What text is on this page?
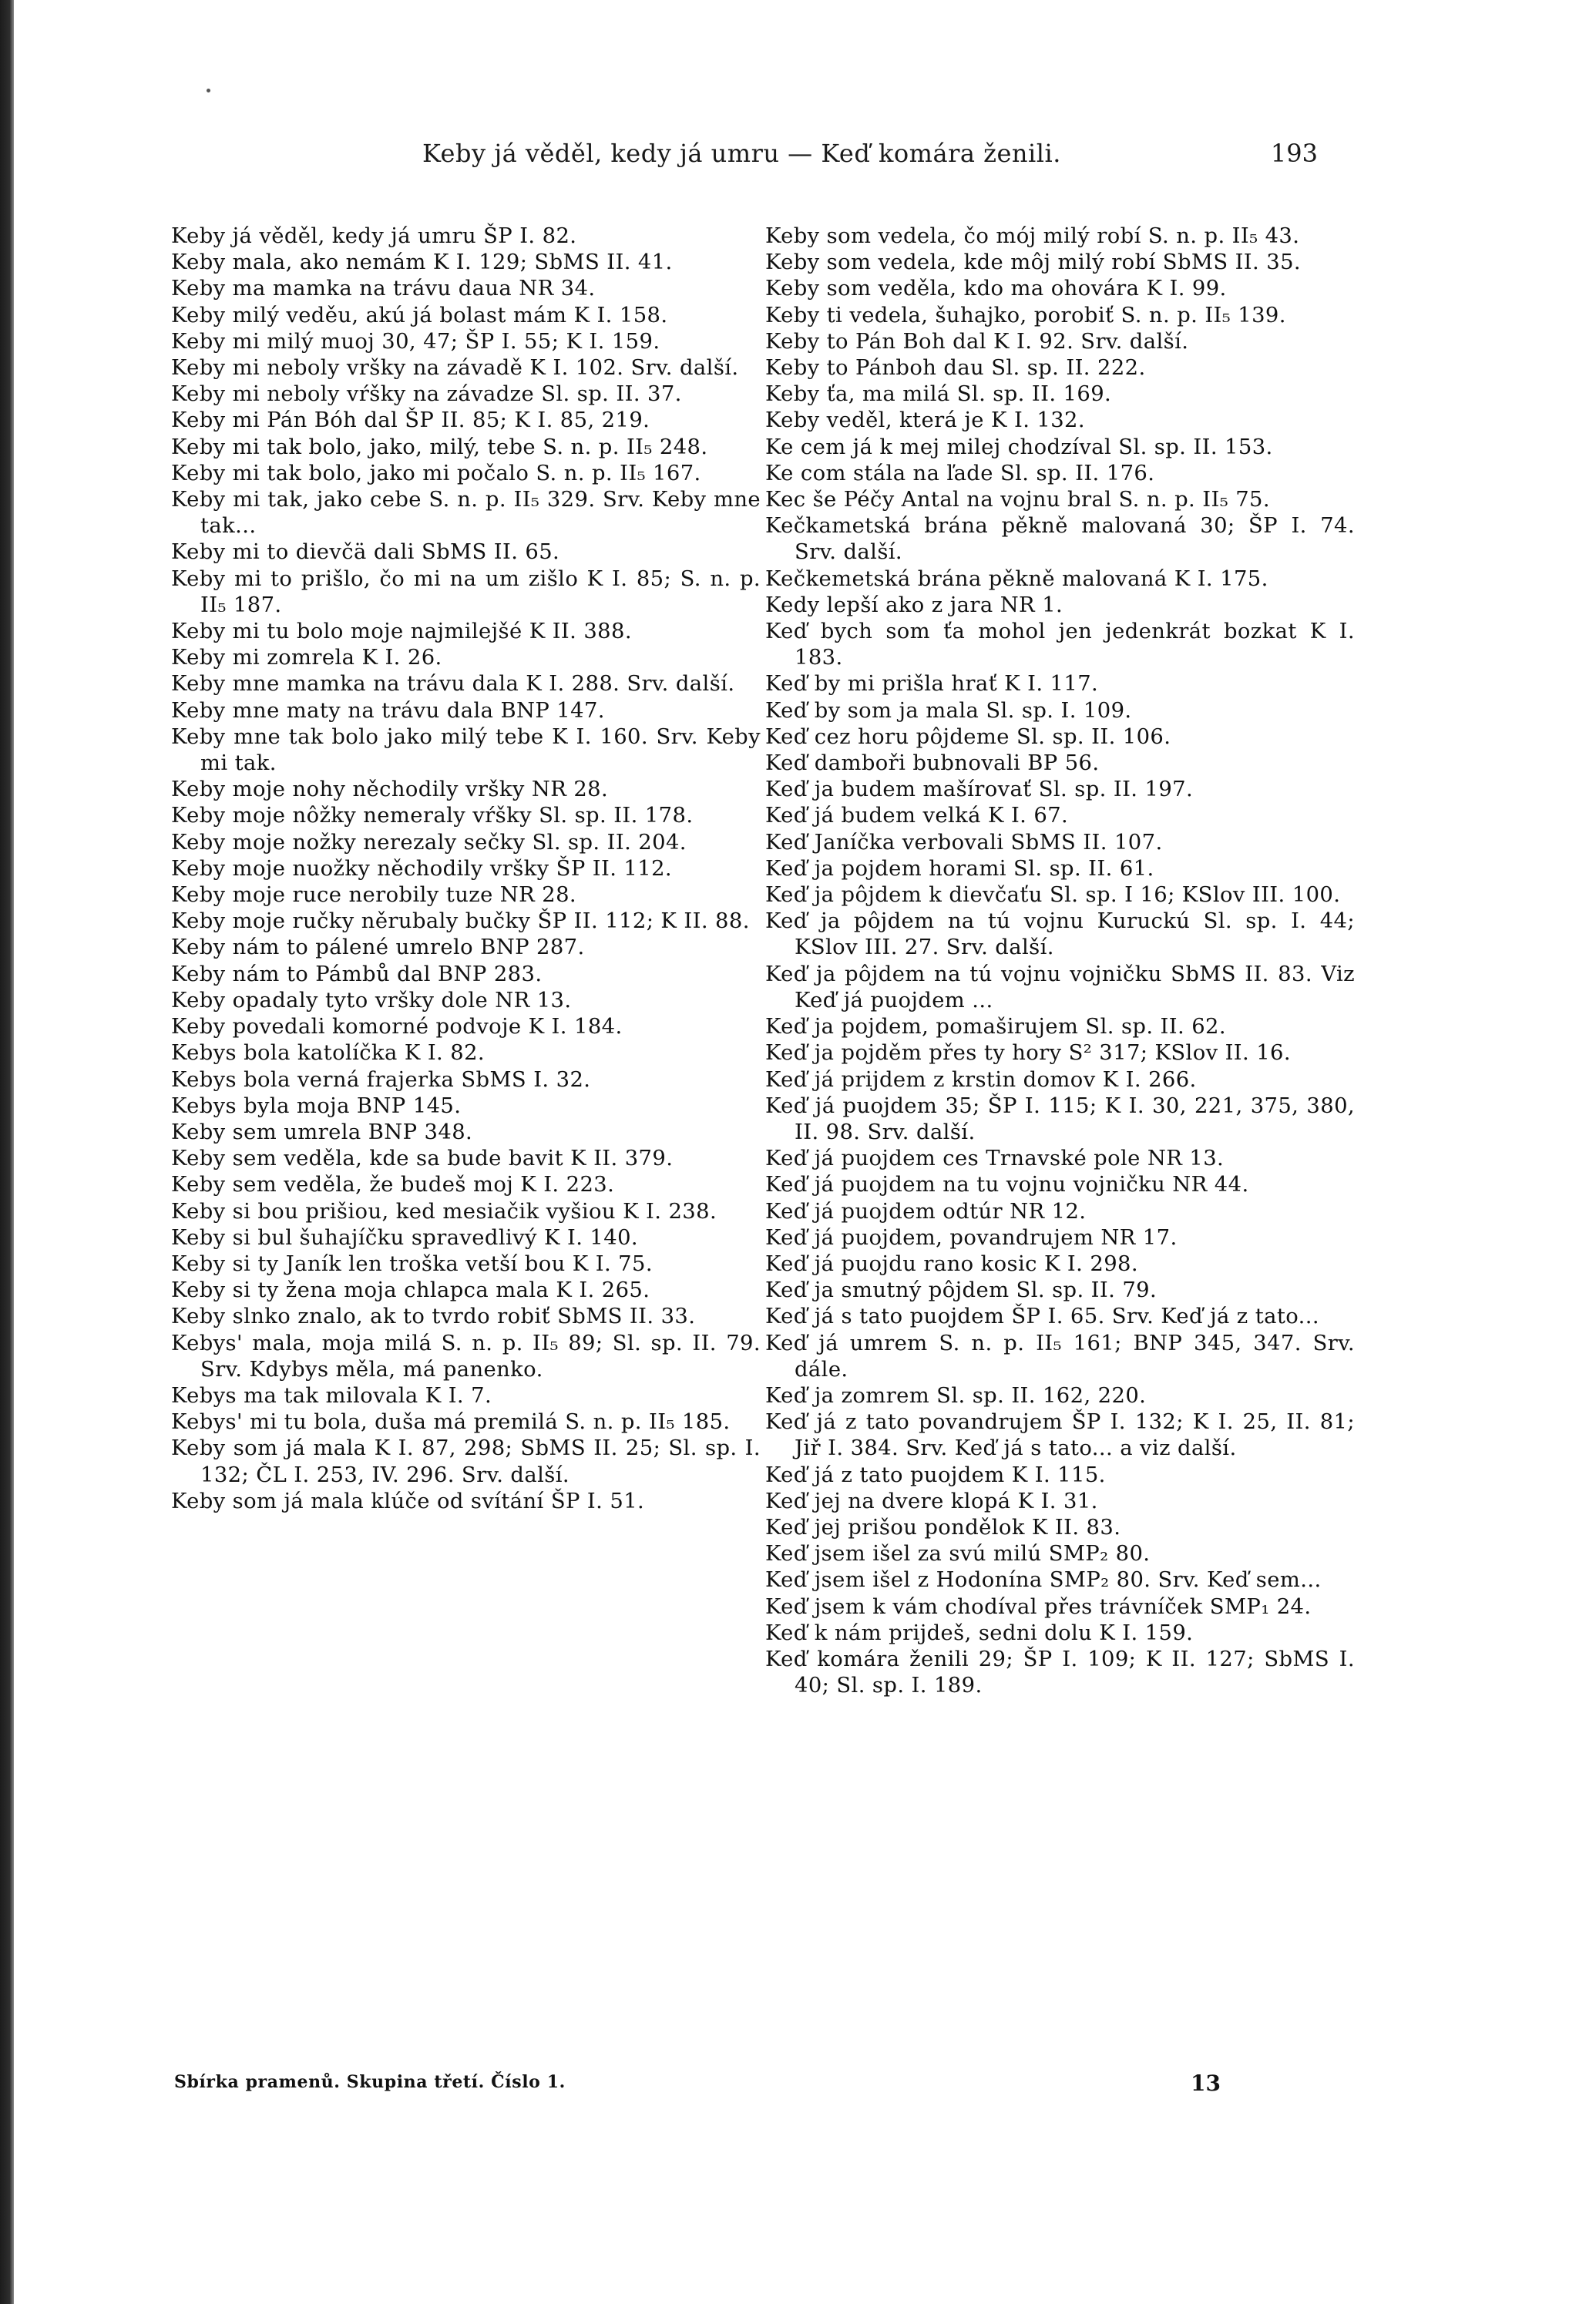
Keby já věděl, kedy já umru — Keď komára ženili.	193

Keby já věděl, kedy já umru ŠP I. 82.

Keby mala, ako nemám K I. 129; SbMS II. 41.

Keby ma mamka na trávu daua NR 34.

Keby milý veděu, akú já bolast mám K I. 158.

Keby mi milý muoj 30, 47; ŠP I. 55; K I. 159.

Keby mi neboly vršky na závadě K I. 102. Srv. další.

Keby mi neboly vŕšky na závadze Sl. sp. II. 37.

Keby mi Pán Bóh dal ŠP II. 85; K I. 85, 219.

Keby mi tak bolo, jako, milý, tebe S. n. p. II₅ 248.

Keby mi tak bolo, jako mi počalo S. n. p. II₅ 167.

Keby mi tak, jako cebe S. n. p. II₅ 329. Srv. Keby mne tak...

Keby mi to dievčä dali SbMS II. 65.

Keby mi to prišlo, čo mi na um zišlo K I. 85; S. n. p. II₅ 187.

Keby mi tu bolo moje najmilejšé K II. 388.

Keby mi zomrela K I. 26.

Keby mne mamka na trávu dala K I. 288. Srv. další.

Keby mne maty na trávu dala BNP 147.

Keby mne tak bolo jako milý tebe K I. 160. Srv. Keby mi tak.

Keby moje nohy něchodily vršky NR 28.

Keby moje nôžky nemeraly vŕšky Sl. sp. II. 178.

Keby moje nožky nerezaly sečky Sl. sp. II. 204.

Keby moje nuožky něchodily vršky ŠP II. 112.

Keby moje ruce nerobily tuze NR 28.

Keby moje ručky něrubaly bučky ŠP II. 112; K II. 88.

Keby nám to pálené umrelo BNP 287.

Keby nám to Pámbů dal BNP 283.

Keby opadaly tyto vršky dole NR 13.

Keby povedali komorné podvoje K I. 184.

Kebys bola katolíčka K I. 82.

Kebys bola verná frajerka SbMS I. 32.

Kebys byla moja BNP 145.

Keby sem umrela BNP 348.

Keby sem veděla, kde sa bude bavit K II. 379.

Keby sem veděla, že budeš moj K I. 223.

Keby si bou prišiou, ked mesiačik vyšiou K I. 238.

Keby si bul šuhajíčku spravedlivý K I. 140.

Keby si ty Janík len troška vetší bou K I. 75.

Keby si ty žena moja chlapca mala K I. 265.

Keby slnko znalo, ak to tvrdo robiť SbMS II. 33.

Kebys' mala, moja milá S. n. p. II₅ 89; Sl. sp. II. 79. Srv. Kdybys měla, má panenko.

Kebys ma tak milovala K I. 7.

Kebys' mi tu bola, duša má premilá S. n. p. II₅ 185.

Keby som já mala K I. 87, 298; SbMS II. 25; Sl. sp. I. 132; ČL I. 253, IV. 296. Srv. další.

Keby som já mala klúče od svítání ŠP I. 51.

Keby som vedela, čo mój milý robí S. n. p. II₅ 43.

Keby som vedela, kde môj milý robí SbMS II. 35.

Keby som veděla, kdo ma ohovára K I. 99.

Keby ti vedela, šuhajko, porobiť S. n. p. II₅ 139.

Keby to Pán Boh dal K I. 92. Srv. další.

Keby to Pánboh dau Sl. sp. II. 222.

Keby ťa, ma milá Sl. sp. II. 169.

Keby veděl, která je K I. 132.

Ke cem já k mej milej chodzíval Sl. sp. II. 153.

Ke com stála na ľade Sl. sp. II. 176.

Kec še Péčy Antal na vojnu bral S. n. p. II₅ 75.

Kečkametská brána pěkně malovaná 30; ŠP I. 74. Srv. další.

Kečkemetská brána pěkně malovaná K I. 175.

Kedy lepší ako z jara NR 1.

Keď bych som ťa mohol jen jedenkrát bozkat K I. 183.

Keď by mi prišla hrať K I. 117.

Keď by som ja mala Sl. sp. I. 109.

Keď cez horu pôjdeme Sl. sp. II. 106.

Keď damboři bubnovali BP 56.

Keď ja budem mašírovať Sl. sp. II. 197.

Keď já budem velká K I. 67.

Keď Janíčka verbovali SbMS II. 107.

Keď ja pojdem horami Sl. sp. II. 61.

Keď ja pôjdem k dievčaťu Sl. sp. I 16; KSlov III. 100.

Keď ja pôjdem na tú vojnu Kuruckú Sl. sp. I. 44; KSlov III. 27. Srv. další.

Keď ja pôjdem na tú vojnu vojničku SbMS II. 83. Viz Keď já puojdem ...

Keď ja pojdem, pomaširujem Sl. sp. II. 62.

Keď ja pojděm přes ty hory S² 317; KSlov II. 16.

Keď já prijdem z krstin domov K I. 266.

Keď já puojdem 35; ŠP I. 115; K I. 30, 221, 375, 380, II. 98. Srv. další.

Keď já puojdem ces Trnavské pole NR 13.

Keď já puojdem na tu vojnu vojničku NR 44.

Keď já puojdem odtúr NR 12.

Keď já puojdem, povandrujem NR 17.

Keď já puojdu rano kosic K I. 298.

Keď ja smutný pôjdem Sl. sp. II. 79.

Keď já s tato puojdem ŠP I. 65. Srv. Keď já z tato...

Keď já umrem S. n. p. II₅ 161; BNP 345, 347. Srv. dále.

Keď ja zomrem Sl. sp. II. 162, 220.

Keď já z tato povandrujem ŠP I. 132; K I. 25, II. 81; Jiř I. 384. Srv. Keď já s tato... a viz další.

Keď já z tato puojdem K I. 115.

Keď jej na dvere klopá K I. 31.

Keď jej prišou pondělok K II. 83.

Keď jsem išel za svú milú SMP₂ 80.

Keď jsem išel z Hodonína SMP₂ 80. Srv. Keď sem...

Keď jsem k vám chodíval přes trávníček SMP₁ 24.

Keď k nám prijdeš, sedni dolu K I. 159.

Keď komára ženili 29; ŠP I. 109; K II. 127; SbMS I. 40; Sl. sp. I. 189.

Sbírka pramenů. Skupina třetí. Číslo 1.	13
